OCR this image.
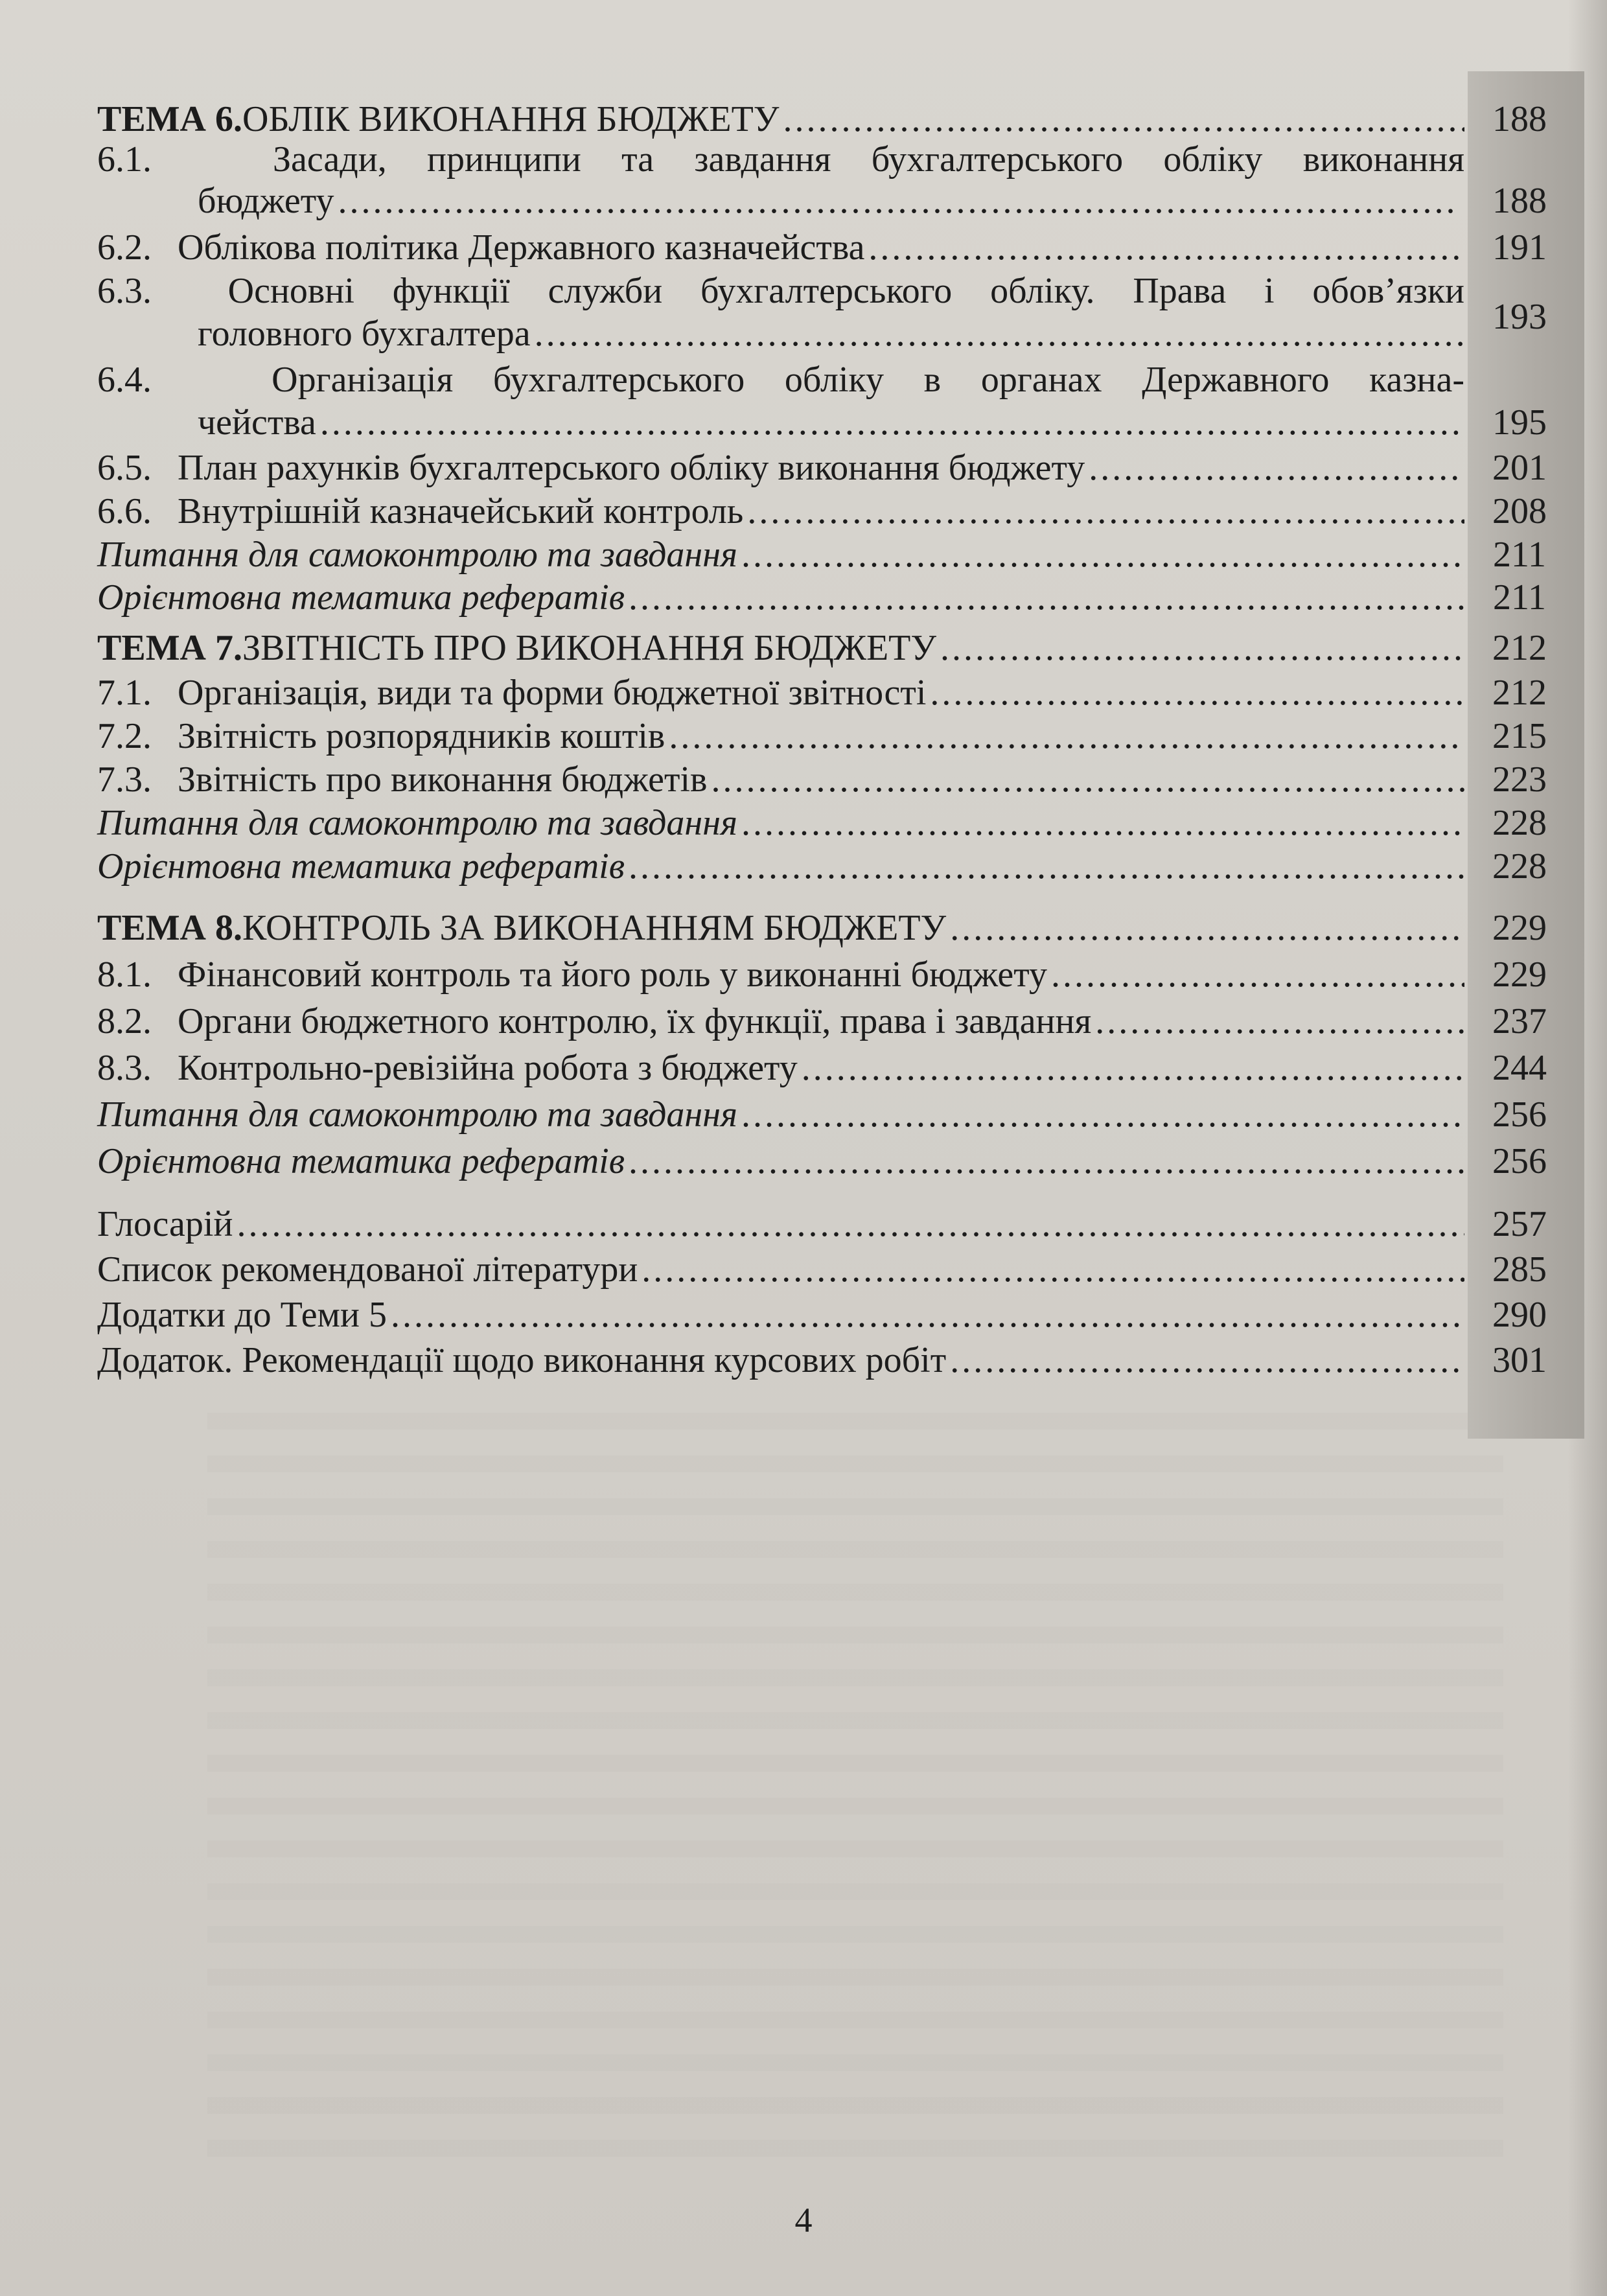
ТЕМА 6. ОБЛІК ВИКОНАННЯ БЮДЖЕТУ .....	188
6.1.	Засади, принципи та завдання бухгалтерського обліку виконання
бюджету .....	188
6.2. Облікова політика Державного казначейства .....	191
6.3. Основні функції служби бухгалтерського обліку. Права і обов’язки
головного бухгалтера .....	193
6.4.	Організація бухгалтерського обліку в органах Державного казна-
чейства .....	195
6.5. План рахунків бухгалтерського обліку виконання бюджету .....	201
6.6. Внутрішній казначейський контроль .....	208
Питання для самоконтролю та завдання .....	211
Орієнтовна тематика рефератів .....	211
ТЕМА 7. ЗВІТНІСТЬ ПРО ВИКОНАННЯ БЮДЖЕТУ .....	212
7.1. Організація, види та форми бюджетної звітності .....	212
7.2. Звітність розпорядників коштів .....	215
7.3. Звітність про виконання бюджетів .....	223
Питання для самоконтролю та завдання .....	228
Орієнтовна тематика рефератів .....	228
ТЕМА 8. КОНТРОЛЬ ЗА ВИКОНАННЯМ БЮДЖЕТУ .....	229
8.1. Фінансовий контроль та його роль у виконанні бюджету .....	229
8.2. Органи бюджетного контролю, їх функції, права і завдання .....	237
8.3. Контрольно-ревізійна робота з бюджету .....	244
Питання для самоконтролю та завдання .....	256
Орієнтовна тематика рефератів .....	256
Глосарій .....	257
Список рекомендованої літератури .....	285
Додатки до Теми 5 .....	290
Додаток. Рекомендації щодо виконання курсових робіт .....	301
4
